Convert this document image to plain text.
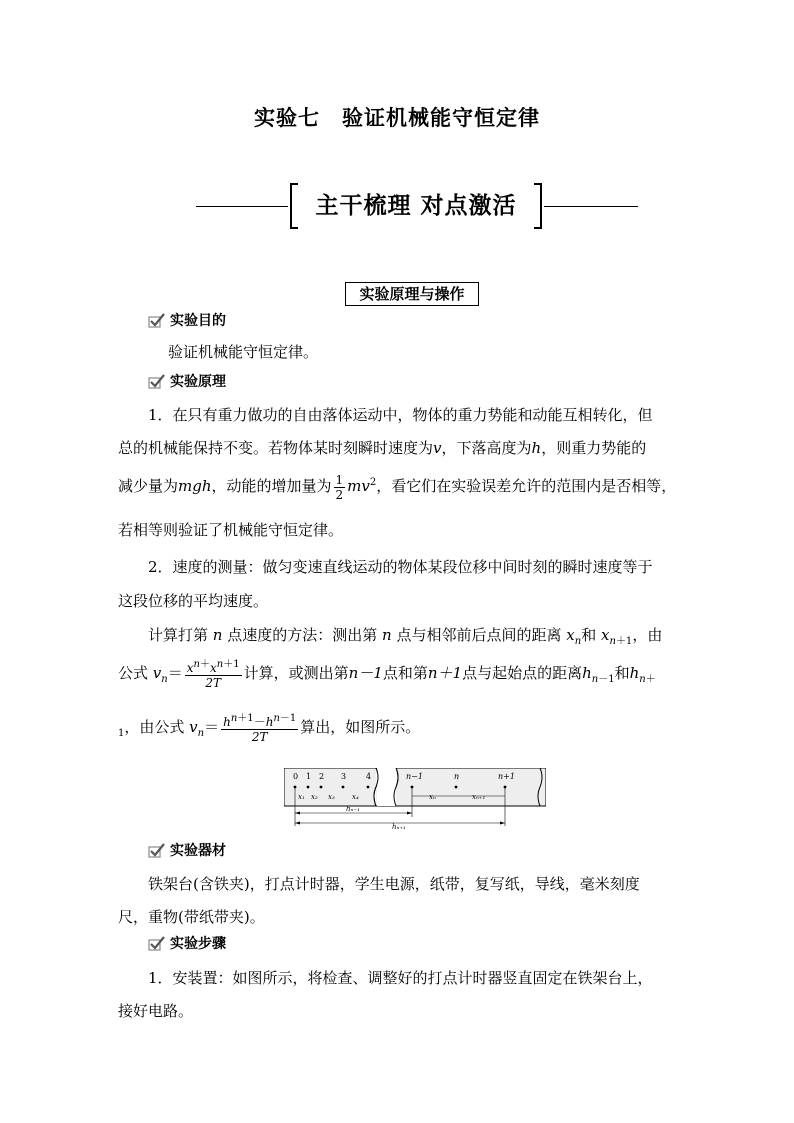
实验七　验证机械能守恒定律
主干梳理 对点激活
实验原理与操作
实验目的
验证机械能守恒定律。
实验原理
1．在只有重力做功的自由落体运动中，物体的重力势能和动能互相转化，但
总的机械能保持不变。若物体某时刻瞬时速度为v，下落高度为h，则重力势能的
减少量为mgh，动能的增加量为 $\frac{1}{2} mv^2$，看它们在实验误差允许的范围内是否相等，
若相等则验证了机械能守恒定律。
2．速度的测量：做匀变速直线运动的物体某段位移中间时刻的瞬时速度等于
这段位移的平均速度。
计算打第 n 点速度的方法：测出第 n 点与相邻前后点间的距离 $x_n$和 $x_{n+1}$，由
公式 $v_n= \frac{x^{n+}x^{n+1}}{2T}$ 计算，或测出第n－1点和第n＋1点与起始点的距离$h_{n-1}$和$h_{n+}$
$_1$，由公式 $v_n= \frac{h^{n+1}-h^{n-1}}{2T}$ 算出，如图所示。
0 1 2 3 4
x₁ x₂ x₃ x₄
n−1	n	n+1
xₙ	xₙ₊₁
hₙ₋₁
hₙ₊₁
实验器材
铁架台(含铁夹)，打点计时器，学生电源，纸带，复写纸，导线，毫米刻度
尺，重物(带纸带夹)。
实验步骤
1．安装置：如图所示，将检查、调整好的打点计时器竖直固定在铁架台上，
接好电路。
